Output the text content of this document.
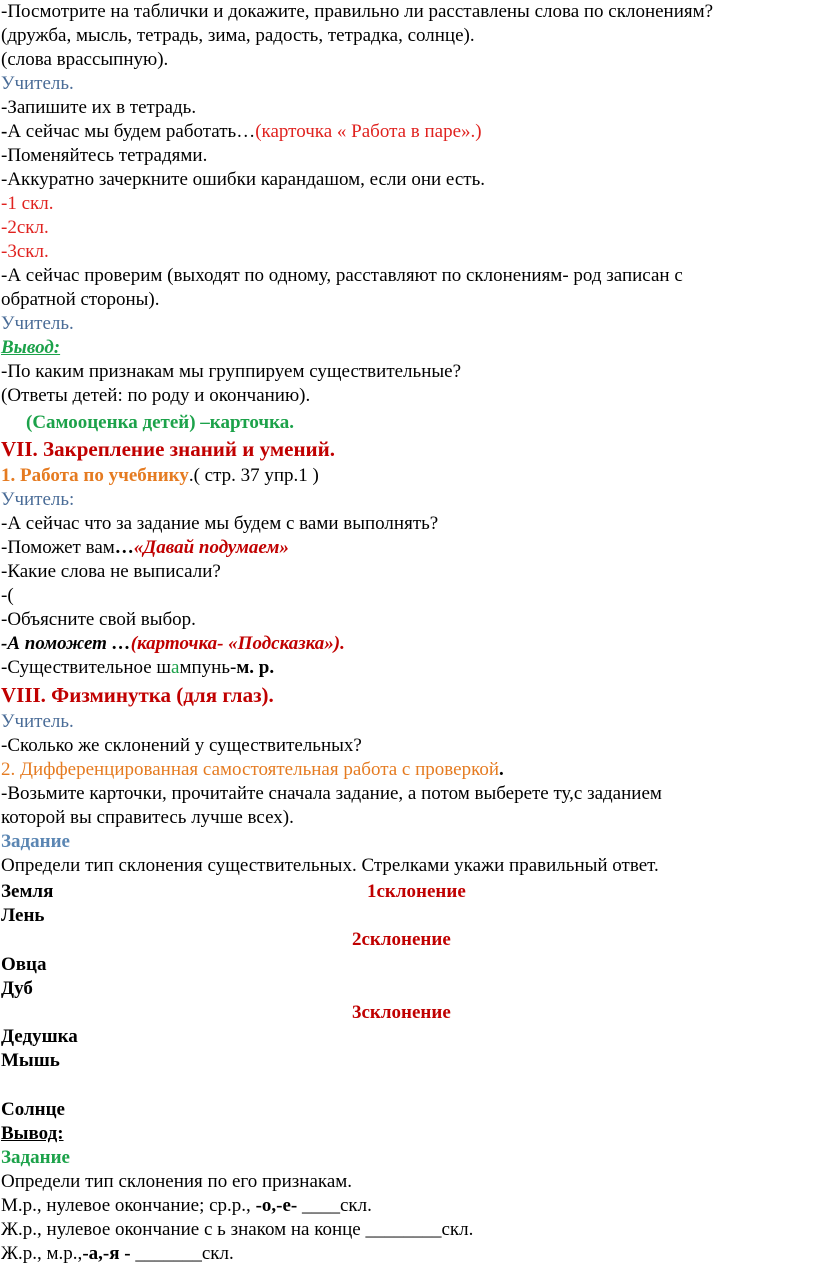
-Посмотрите на таблички и докажите, правильно ли расставлены слова по склонениям?
(дружба, мысль, тетрадь, зима, радость, тетрадка, солнце).
(слова врассыпную).
Учитель.
-Запишите их в тетрадь.
-А сейчас мы будем работать…(карточка « Работа в паре».)
-Поменяйтесь тетрадями.
-Аккуратно зачеркните ошибки карандашом, если они есть.
-1 скл.
-2скл.
-3скл.
-А сейчас проверим (выходят по одному, расставляют по склонениям- род записан с
обратной стороны).
Учитель.
Вывод:
-По каким признакам мы группируем существительные?
(Ответы детей: по роду и окончанию).
(Самооценка детей) –карточка.
VII. Закрепление знаний и умений.
1. Работа по учебнику.( стр. 37 упр.1 )
Учитель:
-А сейчас что за задание мы будем с вами выполнять?
-Поможет вам…«Давай подумаем»
-Какие слова не выписали?
-(
-Объясните свой выбор.
-А поможет …(карточка- «Подсказка»).
-Существительное шампунь-м. р.
VIII. Физминутка (для глаз).
Учитель.
-Сколько же склонений у существительных?
2. Дифференцированная самостоятельная работа с проверкой.
-Возьмите карточки, прочитайте сначала задание, а потом выберете ту,с заданием
которой вы справитесь лучше всех).
Задание
Определи тип склонения существительных. Стрелками укажи правильный ответ.
Земля	1склонение
Лень
2склонение
Овца
Дуб
3склонение
Дедушка
Мышь
Солнце
Вывод:
Задание
Определи тип склонения по его признакам.
М.р., нулевое окончание; ср.р., -о,-е- ____скл.
Ж.р., нулевое окончание с ь знаком на конце ________скл.
Ж.р., м.р.,-а,-я - _______скл.
